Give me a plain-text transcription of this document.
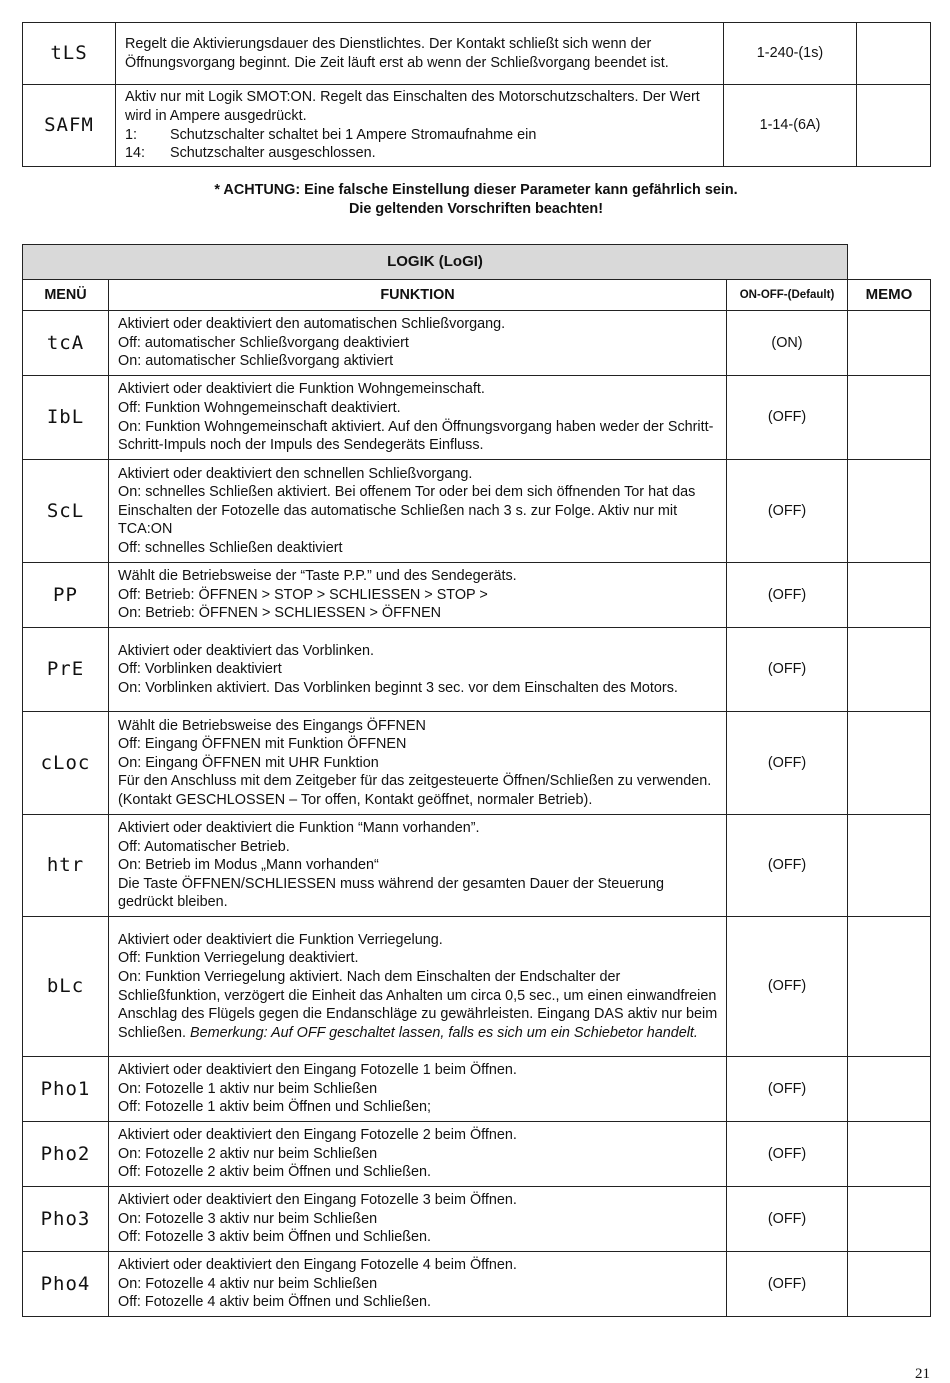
tLS	Regelt die Aktivierungsdauer des Dienstlichtes. Der Kontakt schließt sich wenn der Öffnungsvorgang beginnt. Die Zeit läuft erst ab wenn der Schließvorgang beendet ist.	1-240-(1s)	
SAFM	Aktiv nur mit Logik SMOT:ON. Regelt das Einschalten des Motorschutzschalters. Der Wert wird in Ampere ausgedrückt.
1: Schutzschalter schaltet bei 1 Ampere Stromaufnahme ein
14: Schutzschalter ausgeschlossen.	1-14-(6A)	
* ACHTUNG: Eine falsche Einstellung dieser Parameter kann gefährlich sein.
Die geltenden Vorschriften beachten!
LOGIK (LoGI)			
MENÜ	FUNKTION	ON-OFF-(Default)	MEMO
tcA	Aktiviert oder deaktiviert den automatischen Schließvorgang.
Off: automatischer Schließvorgang deaktiviert
On: automatischer Schließvorgang aktiviert	(ON)	
IbL	Aktiviert oder deaktiviert die Funktion Wohngemeinschaft.
Off: Funktion Wohngemeinschaft deaktiviert.
On: Funktion Wohngemeinschaft aktiviert. Auf den Öffnungsvorgang haben weder der Schritt-Schritt-Impuls noch der Impuls des Sendegeräts Einfluss.	(OFF)	
ScL	Aktiviert oder deaktiviert den schnellen Schließvorgang.
On: schnelles Schließen aktiviert. Bei offenem Tor oder bei dem sich öffnenden Tor hat das Einschalten der Fotozelle das automatische Schließen nach 3 s. zur Folge. Aktiv nur mit TCA:ON
Off: schnelles Schließen deaktiviert	(OFF)	
PP	Wählt die Betriebsweise der “Taste P.P.” und des Sendegeräts.
Off: Betrieb: ÖFFNEN > STOP > SCHLIESSEN > STOP >
On: Betrieb: ÖFFNEN > SCHLIESSEN > ÖFFNEN	(OFF)	
PrE	Aktiviert oder deaktiviert das Vorblinken.
Off: Vorblinken deaktiviert
On: Vorblinken aktiviert. Das Vorblinken beginnt 3 sec. vor dem Einschalten des Motors.	(OFF)	
cLoc	Wählt die Betriebsweise des Eingangs ÖFFNEN
Off: Eingang ÖFFNEN mit Funktion ÖFFNEN
On: Eingang ÖFFNEN mit UHR Funktion
Für den Anschluss mit dem Zeitgeber für das zeitgesteuerte Öffnen/Schließen zu verwenden. (Kontakt GESCHLOSSEN – Tor offen, Kontakt geöffnet, normaler Betrieb).	(OFF)	
htr	Aktiviert oder deaktiviert die Funktion “Mann vorhanden”.
Off: Automatischer Betrieb.
On: Betrieb im Modus „Mann vorhanden“
Die Taste ÖFFNEN/SCHLIESSEN muss während der gesamten Dauer der Steuerung gedrückt bleiben.	(OFF)	
bLc	Aktiviert oder deaktiviert die Funktion Verriegelung.
Off: Funktion Verriegelung deaktiviert.
On: Funktion Verriegelung aktiviert. Nach dem Einschalten der Endschalter der Schließfunktion, verzögert die Einheit das Anhalten um circa 0,5 sec., um einen einwandfreien Anschlag des Flügels gegen die Endanschläge zu gewährleisten. Eingang DAS aktiv nur beim Schließen. Bemerkung: Auf OFF geschaltet lassen, falls es sich um ein Schiebetor handelt.	(OFF)	
Pho1	Aktiviert oder deaktiviert den Eingang Fotozelle 1 beim Öffnen.
On: Fotozelle 1 aktiv nur beim Schließen
Off: Fotozelle 1 aktiv beim Öffnen und Schließen;	(OFF)	
Pho2	Aktiviert oder deaktiviert den Eingang Fotozelle 2 beim Öffnen.
On: Fotozelle 2 aktiv nur beim Schließen
Off: Fotozelle 2 aktiv beim Öffnen und Schließen.	(OFF)	
Pho3	Aktiviert oder deaktiviert den Eingang Fotozelle 3 beim Öffnen.
On: Fotozelle 3 aktiv nur beim Schließen
Off: Fotozelle 3 aktiv beim Öffnen und Schließen.	(OFF)	
Pho4	Aktiviert oder deaktiviert den Eingang Fotozelle 4 beim Öffnen.
On: Fotozelle 4 aktiv nur beim Schließen
Off: Fotozelle 4 aktiv beim Öffnen und Schließen.	(OFF)	
21
